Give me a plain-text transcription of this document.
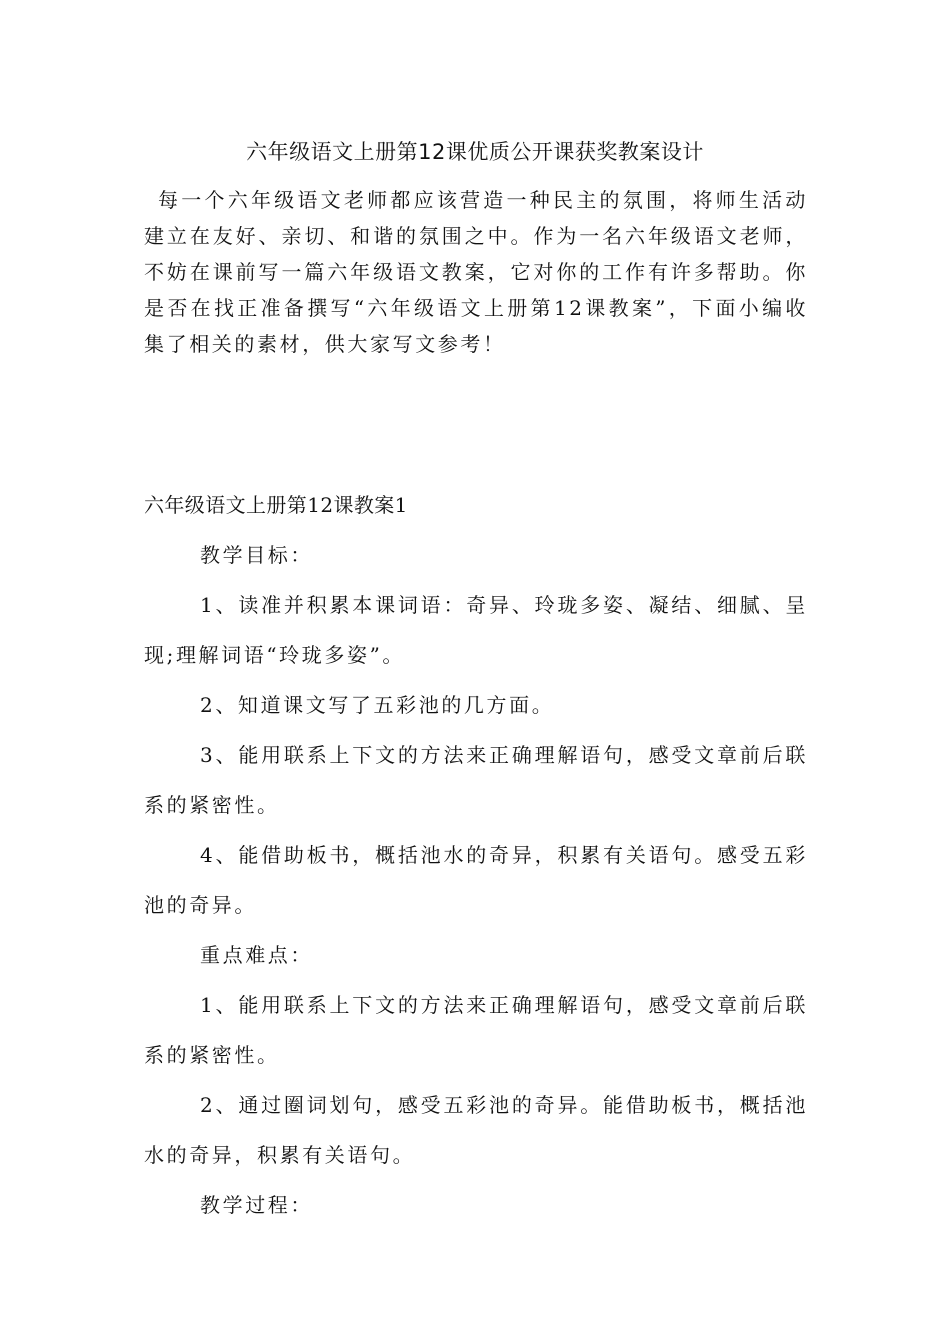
六年级语文上册第12课优质公开课获奖教案设计

每一个六年级语文老师都应该营造一种民主的氛围，将师生活动建立在友好、亲切、和谐的氛围之中。作为一名六年级语文老师，不妨在课前写一篇六年级语文教案，它对你的工作有许多帮助。你是否在找正准备撰写“六年级语文上册第12课教案”，下面小编收集了相关的素材，供大家写文参考！

六年级语文上册第12课教案1

教学目标：

1、读准并积累本课词语：奇异、玲珑多姿、凝结、细腻、呈现;理解词语“玲珑多姿”。

2、知道课文写了五彩池的几方面。

3、能用联系上下文的方法来正确理解语句，感受文章前后联系的紧密性。

4、能借助板书，概括池水的奇异，积累有关语句。感受五彩池的奇异。

重点难点：

1、能用联系上下文的方法来正确理解语句，感受文章前后联系的紧密性。

2、通过圈词划句，感受五彩池的奇异。能借助板书，概括池水的奇异，积累有关语句。

教学过程：
